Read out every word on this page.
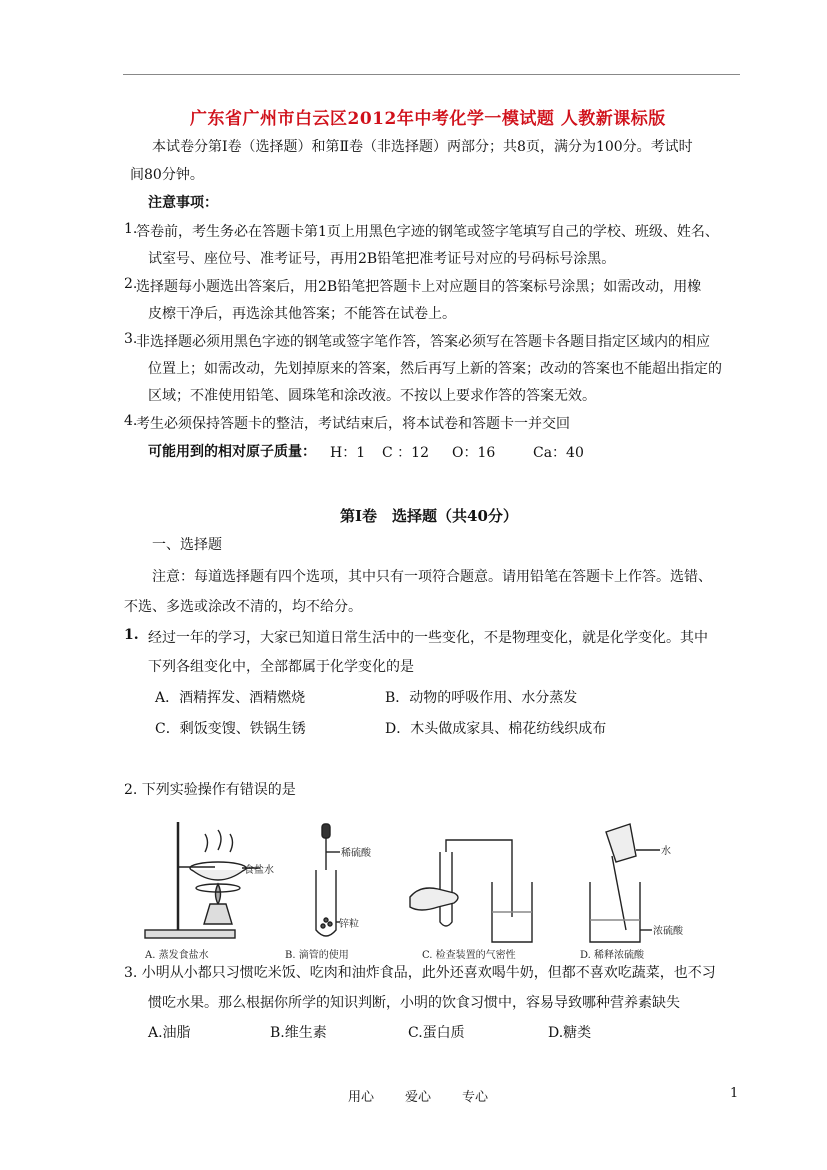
广东省广州市白云区2012年中考化学一模试题 人教新课标版
本试卷分第Ⅰ卷（选择题）和第Ⅱ卷（非选择题）两部分；共8页，满分为100分。考试时
间80分钟。
注意事项：
1.
答卷前，考生务必在答题卡第1页上用黑色字迹的钢笔或签字笔填写自己的学校、班级、姓名、
试室号、座位号、准考证号，再用2B铅笔把准考证号对应的号码标号涂黑。
2.
选择题每小题选出答案后，用2B铅笔把答题卡上对应题目的答案标号涂黑；如需改动，用橡
皮檫干净后，再选涂其他答案；不能答在试卷上。
3.
非选择题必须用黑色字迹的钢笔或签字笔作答，答案必须写在答题卡各题目指定区域内的相应
位置上；如需改动，先划掉原来的答案，然后再写上新的答案；改动的答案也不能超出指定的
区域；不准使用铅笔、圆珠笔和涂改液。不按以上要求作答的答案无效。
4.
考生必须保持答题卡的整洁，考试结束后，将本试卷和答题卡一并交回
可能用到的相对原子质量： H：1 C ：12 O：16	Ca：40
第Ⅰ卷　选择题（共40分）
一、选择题
注意：每道选择题有四个选项，其中只有一项符合题意。请用铅笔在答题卡上作答。选错、
不选、多选或涂改不清的，均不给分。
1. 经过一年的学习，大家已知道日常生活中的一些变化，不是物理变化，就是化学变化。其中
下列各组变化中，全部都属于化学变化的是
A．酒精挥发、酒精燃烧	B．动物的呼吸作用、水分蒸发
C．剩饭变馊、铁锅生锈	D．木头做成家具、棉花纺线织成布
2. 下列实验操作有错误的是
食盐水
A. 蒸发食盐水
稀硫酸
锌粒
B. 滴管的使用	C. 检查装置的气密性
水
浓硫酸
D. 稀释浓硫酸
3. 小明从小都只习惯吃米饭、吃肉和油炸食品，此外还喜欢喝牛奶，但都不喜欢吃蔬菜，也不习
惯吃水果。那么根据你所学的知识判断，小明的饮食习惯中，容易导致哪种营养素缺失
A.油脂	B.维生素	C.蛋白质	D.糖类
用心 爱心 专心	1
